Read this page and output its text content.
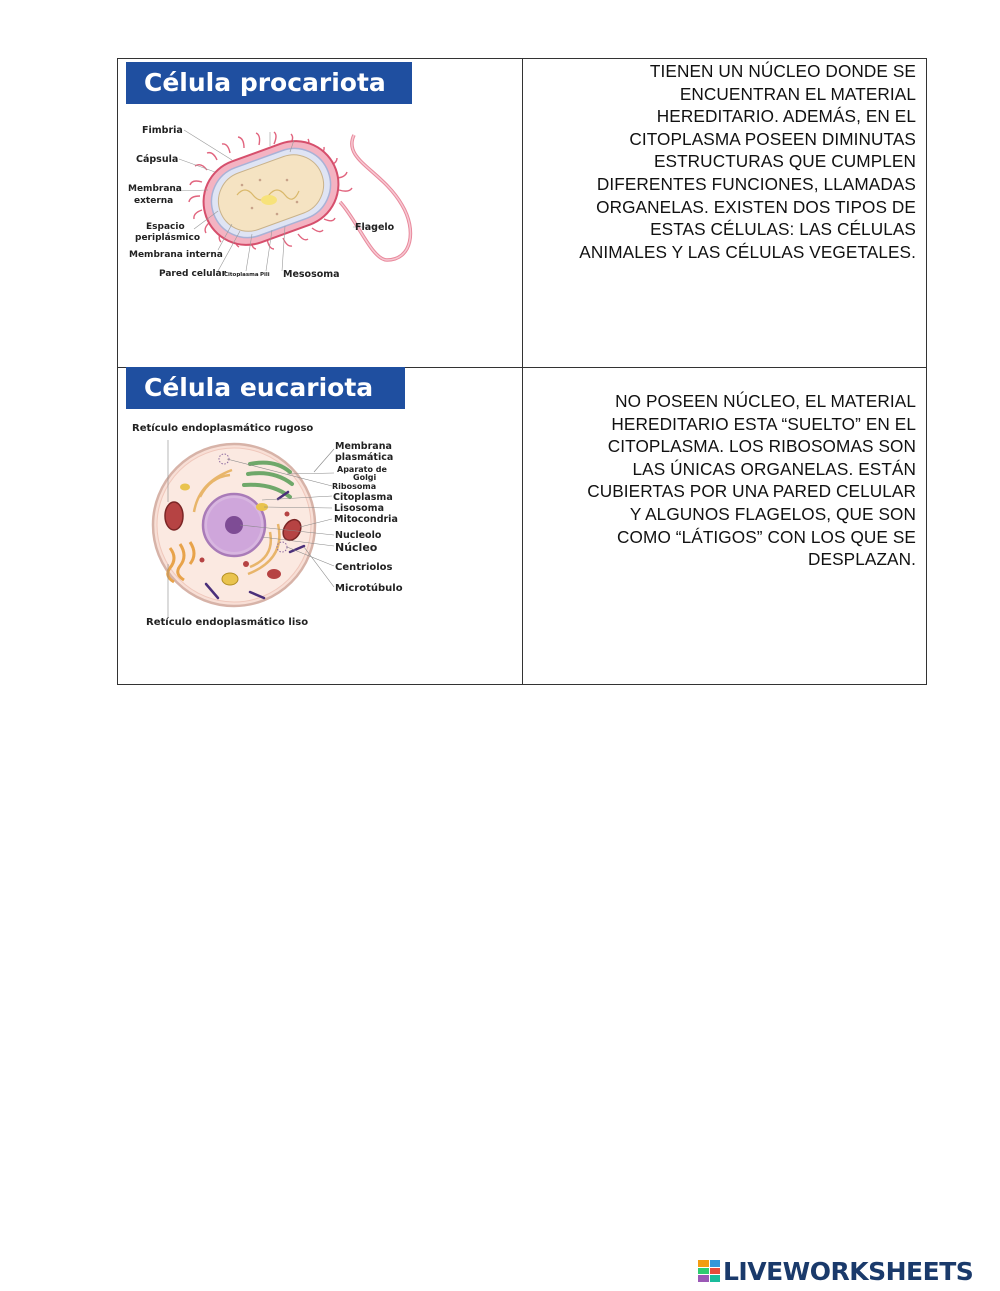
Célula procariota
Fimbria
Cápsula
Membrana
externa
Espacio
periplásmico
Membrana interna
Pared celular
Citoplasma Pili Mesosoma
Flagelo
TIENEN UN NÚCLEO DONDE SE
ENCUENTRAN EL MATERIAL
HEREDITARIO. ADEMÁS, EN EL
CITOPLASMA POSEEN DIMINUTAS
ESTRUCTURAS QUE CUMPLEN
DIFERENTES FUNCIONES, LLAMADAS
ORGANELAS. EXISTEN DOS TIPOS DE
ESTAS CÉLULAS: LAS CÉLULAS
ANIMALES Y LAS CÉLULAS VEGETALES.
Célula eucariota
Retículo endoplasmático rugoso
Membrana
plasmática
Aparato de
Golgi
Ribosoma
Citoplasma
Lisosoma
Mitocondria
Nucleolo
Núcleo
Centriolos
Microtúbulo
Retículo endoplasmático liso
NO POSEEN NÚCLEO, EL MATERIAL
HEREDITARIO ESTA “SUELTO” EN EL
CITOPLASMA. LOS RIBOSOMAS SON
LAS ÚNICAS ORGANELAS. ESTÁN
CUBIERTAS POR UNA PARED CELULAR
Y ALGUNOS FLAGELOS, QUE SON
COMO “LÁTIGOS” CON LOS QUE SE
DESPLAZAN.
LIVEWORKSHEETS
